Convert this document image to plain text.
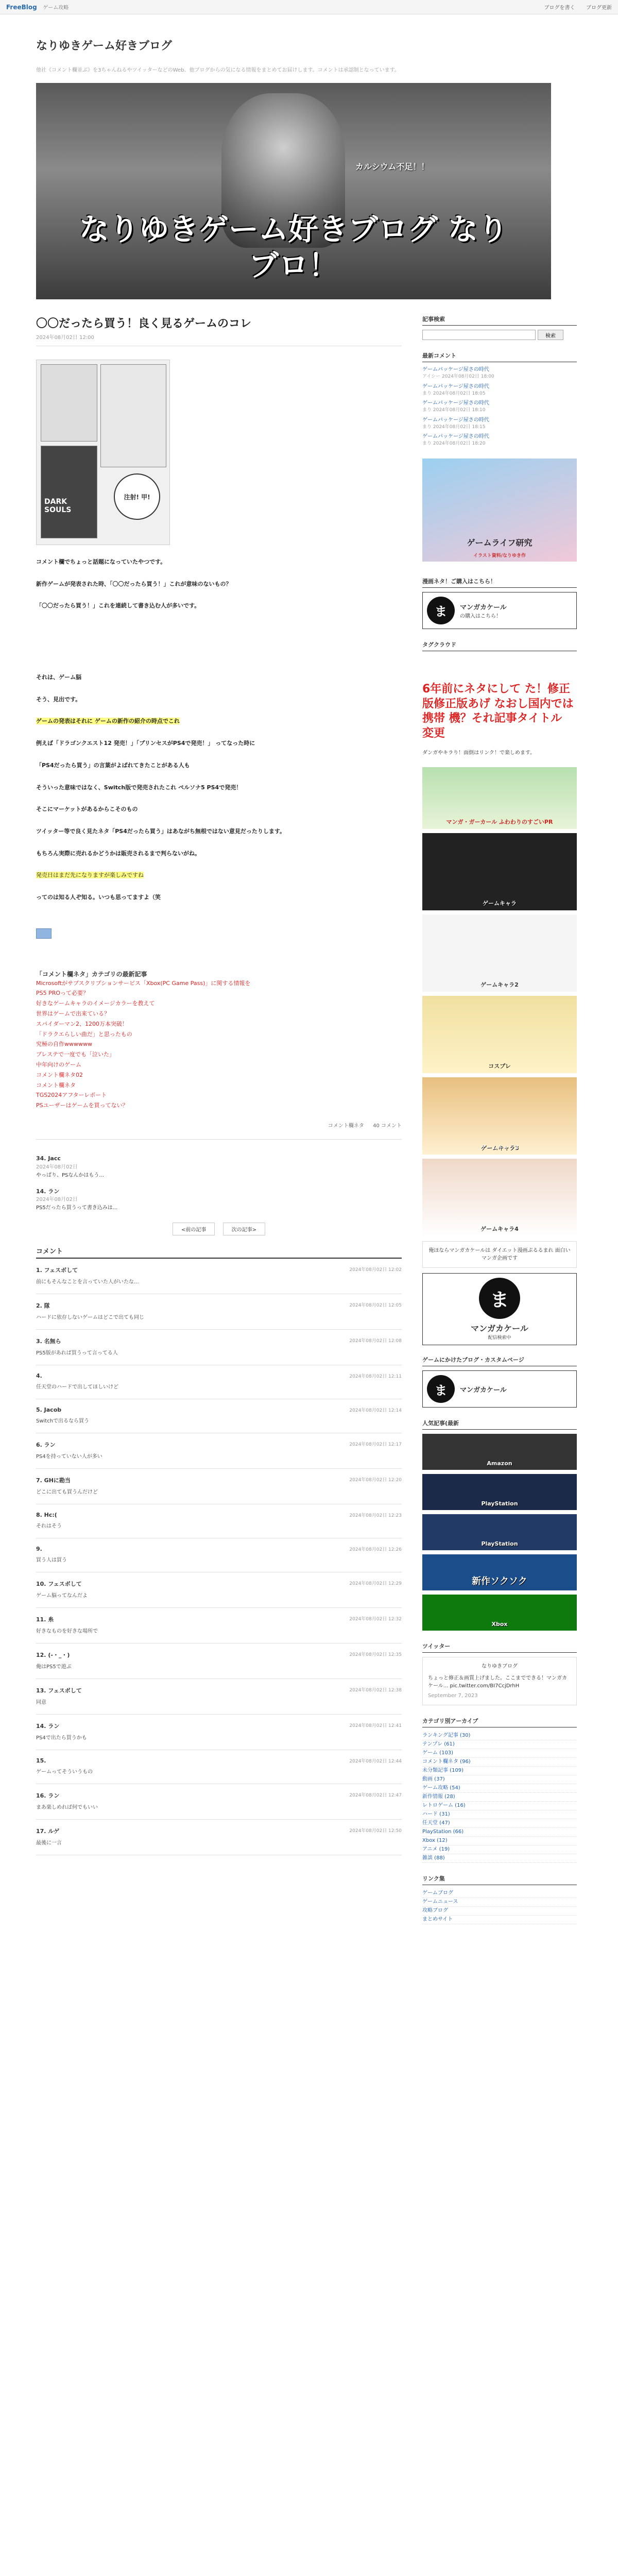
FreeBlog ゲーム攻略	ブログを書く ブログ更新
なりゆきゲーム好きブログ
他社《コメント欄並ぶ》を3ちゃんねるやツイッターなどのWeb、他ブログからの気になる情報をまとめてお届けします。コメントは承認制となっています。
カルシウム不足！！
なりゆきゲーム好きブログ なりブロ！
〇〇だったら買う！良く見るゲームのコレ
2024年08月02日 12:00
DARK SOULS
注射! 甲!

コメント欄でちょっと話題になっていたやつです。

新作ゲームが発表された時、「〇〇だったら買う！」これが意味のないもの？

「〇〇だったら買う！」これを連続して書き込む人が多いです。

それは、ゲーム脳

そう、見出です。

ゲームの発表はそれに ゲームの新作の紹介の時点でこれ

例えば「ドラゴンクエスト12 発売！」「プリンセスがPS4で発売！」 ってなった時に

「PS4だったら買う」の言葉がよばれてきたことがある人も

そういった意味ではなく、Switch版で発売されたこれ ペルソナ5 PS4で発売！

そこにマーケットがあるからこそのもの

ツイッター等で良く見たネタ「PS4だったら買う」はあながち無根ではない意見だったりします。

もちろん実際に売れるかどうかは販売されるまで判らないがね。

発売日はまだ先になりますが楽しみですね

ってのは知る人ぞ知る。いつも思ってますよ（笑

「コメント欄ネタ」カテゴリの最新記事
Microsoftがサブスクリプションサービス「Xbox(PC Game Pass)」に関する情報を
PS5 PROって必要？
好きなゲームキャラのイメージカラーを教えて
世界はゲームで出来ている？
スパイダーマン2、1200万本突破！
「ドラクエらしい曲だ」と思ったもの
究極の自作wwwwww
プレステで一度でも「泣いた」
中年向けのゲーム
コメント欄ネタ02
コメント欄ネタ
TGS2024アフターレポート
PSユーザーはゲームを買ってない？
コメント欄ネタ 40 コメント
34. Jacc
2024年08月02日
やっぱり、PSなんかはもう...
14. ラン
2024年08月02日
PS5だったら買うって書き込みは...
<前の記事	次の記事>
コメント
2024年08月02日 12:02
1. フェスボして
前にもそんなことを言っていた人がいたな...
2024年08月02日 12:05
2. 隊
ハードに依存しないゲームはどこで出ても同じ
2024年08月02日 12:08
3. 名無ら
PS5版があれば買うって言ってる人
2024年08月02日 12:11
4.
任天堂のハードで出してほしいけど
2024年08月02日 12:14
5. Jacob
Switchで出るなら買う
2024年08月02日 12:17
6. ラン
PS4を持っていない人が多い
2024年08月02日 12:20
7. GHに勘当
どこに出ても買うんだけど
2024年08月02日 12:23
8. Hc:(
それはそう
2024年08月02日 12:26
9.
買う人は買う
2024年08月02日 12:29
10. フェスボして
ゲーム脳ってなんだよ
2024年08月02日 12:32
11. 糸
好きなものを好きな場所で
2024年08月02日 12:35
12. (-・_・)
俺はPS5で遊ぶ
2024年08月02日 12:38
13. フェスボして
同意
2024年08月02日 12:41
14. ラン
PS4で出たら買うかも
2024年08月02日 12:44
15.
ゲームってそういうもの
2024年08月02日 12:47
16. ラン
まあ楽しめれば何でもいい
2024年08月02日 12:50
17. ルゲ
最後に一言
記事検索
検索
最新コメント
ゲームパッケージ屋さの時代
アイシー 2024年08月02日 18:00
ゲームパッケージ屋さの時代
まり 2024年08月02日 18:05
ゲームパッケージ屋さの時代
まり 2024年08月02日 18:10
ゲームパッケージ屋さの時代
まり 2024年08月02日 18:15
ゲームパッケージ屋さの時代
まり 2024年08月02日 18:20
ゲームライフ研究
イラスト資料/なりゆき作
漫画ネタ！ご購入はこちら！
ま	マンガカケール
の購入はこちら！
タグクラウド
6年前にネタにして た！修正版修正版あげ なおし国内では携帯 機？それ記事タイトル 変更
ダンガやキラり！面倒はリンク！で楽しめます。
マンガ・ガーカール ふわわりのすごいPR
ゲームキャラ
ゲームキャラ2
コスプレ
ゲームキャラ3
ゲームキャラ4
俺ほならマンガカケールは ダイエット漫画ぷるるまれ 面白いマンガ企画です
ま
マンガカケール
配信検索中
ゲームにかけたブログ・カスタムページ
ま	マンガカケール
人気記事(最新
Amazon
PlayStation
PlayStation
新作ソクソク
Xbox
ツイッター
なりゆきブログ
ちょっと修正＆画質上げました。ここまでできる！マンガカケール... pic.twitter.com/BI7CcjDrhH
September 7, 2023
カテゴリ別アーカイブ
ランキング記事 (30)
テンプレ (61)
ゲーム (103)
コメント欄ネタ (96)
未分類記事 (109)
動画 (37)
ゲーム攻略 (54)
新作情報 (28)
レトロゲーム (16)
ハード (31)
任天堂 (47)
PlayStation (66)
Xbox (12)
アニメ (19)
雑談 (88)
リンク集
ゲームブログ
ゲームニュース
攻略ブログ
まとめサイト
